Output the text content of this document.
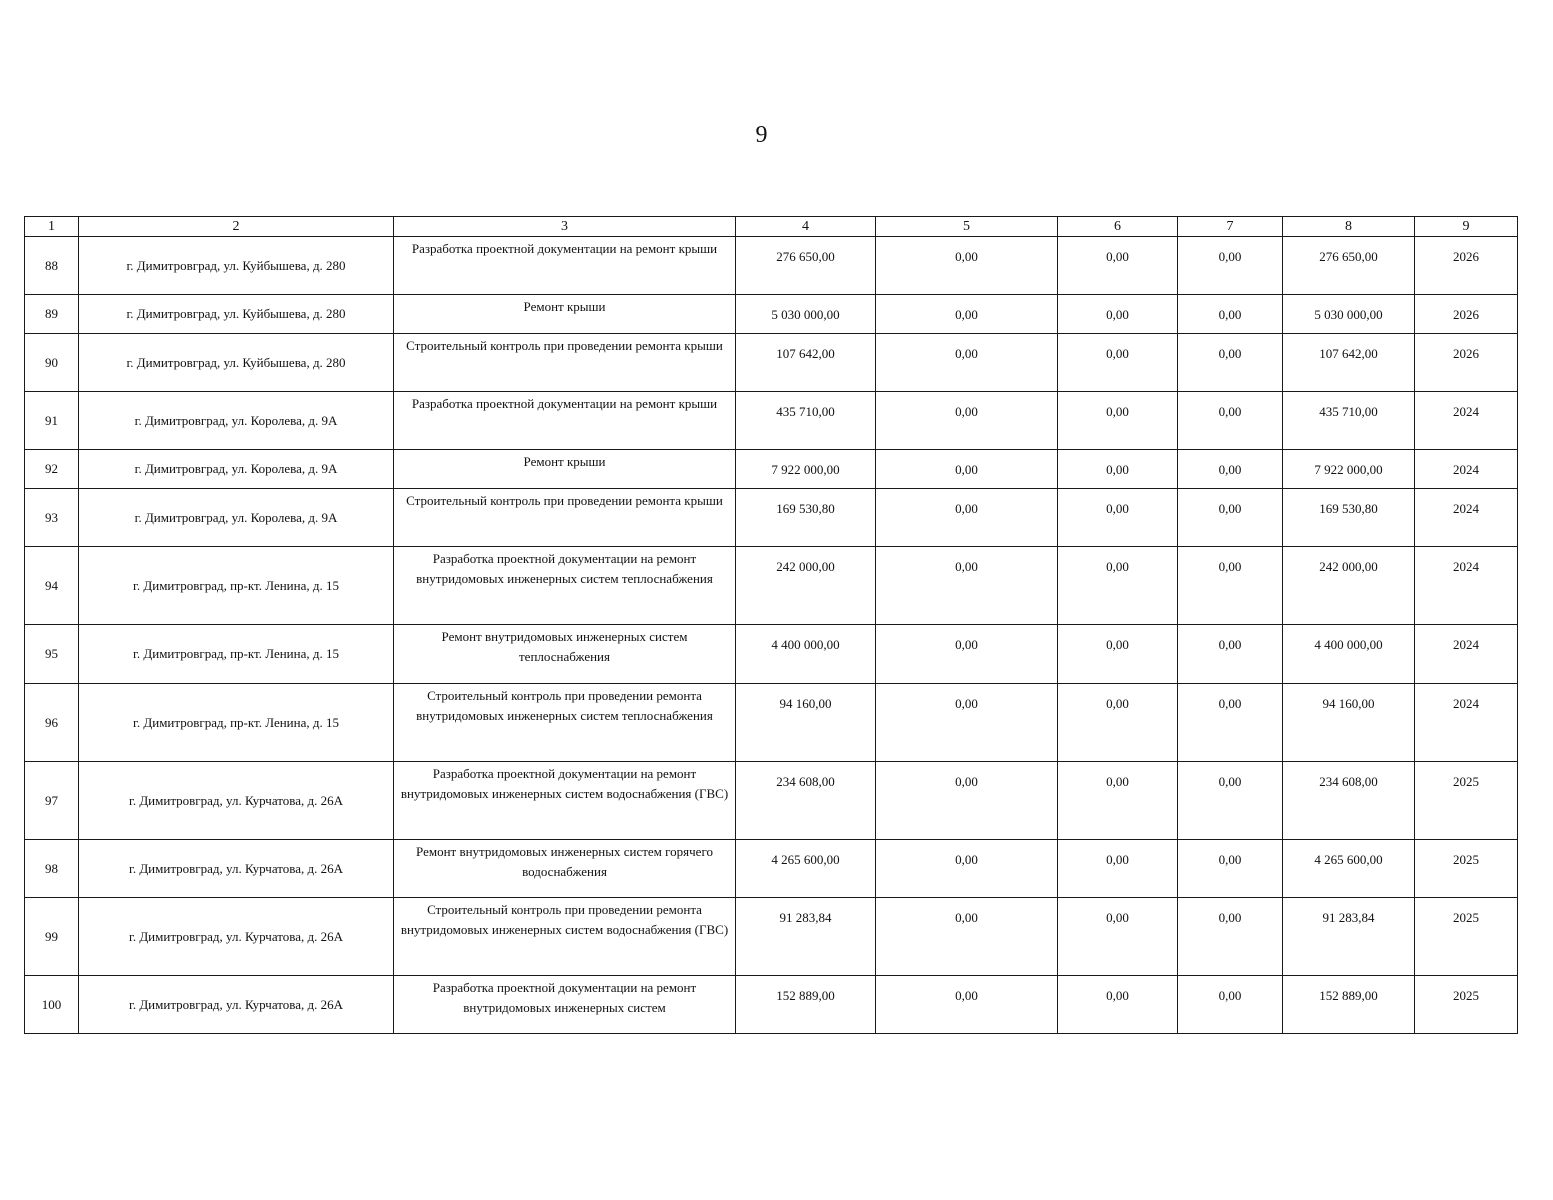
9
1	2	3	4	5	6	7	8	9
88	г. Димитровград, ул. Куйбышева, д. 280	Разработка проектной документации на ремонт крыши	276 650,00	0,00	0,00	0,00	276 650,00	2026
89	г. Димитровград, ул. Куйбышева, д. 280	Ремонт крыши	5 030 000,00	0,00	0,00	0,00	5 030 000,00	2026
90	г. Димитровград, ул. Куйбышева, д. 280	Строительный контроль при проведении ремонта крыши	107 642,00	0,00	0,00	0,00	107 642,00	2026
91	г. Димитровград, ул. Королева, д. 9А	Разработка проектной документации на ремонт крыши	435 710,00	0,00	0,00	0,00	435 710,00	2024
92	г. Димитровград, ул. Королева, д. 9А	Ремонт крыши	7 922 000,00	0,00	0,00	0,00	7 922 000,00	2024
93	г. Димитровград, ул. Королева, д. 9А	Строительный контроль при проведении ремонта крыши	169 530,80	0,00	0,00	0,00	169 530,80	2024
94	г. Димитровград, пр-кт. Ленина, д. 15	Разработка проектной документации на ремонт внутридомовых инженерных систем теплоснабжения	242 000,00	0,00	0,00	0,00	242 000,00	2024
95	г. Димитровград, пр-кт. Ленина, д. 15	Ремонт внутридомовых инженерных систем теплоснабжения	4 400 000,00	0,00	0,00	0,00	4 400 000,00	2024
96	г. Димитровград, пр-кт. Ленина, д. 15	Строительный контроль при проведении ремонта внутридомовых инженерных систем теплоснабжения	94 160,00	0,00	0,00	0,00	94 160,00	2024
97	г. Димитровград, ул. Курчатова, д. 26А	Разработка проектной документации на ремонт внутридомовых инженерных систем водоснабжения (ГВС)	234 608,00	0,00	0,00	0,00	234 608,00	2025
98	г. Димитровград, ул. Курчатова, д. 26А	Ремонт внутридомовых инженерных систем горячего водоснабжения	4 265 600,00	0,00	0,00	0,00	4 265 600,00	2025
99	г. Димитровград, ул. Курчатова, д. 26А	Строительный контроль при проведении ремонта внутридомовых инженерных систем водоснабжения (ГВС)	91 283,84	0,00	0,00	0,00	91 283,84	2025
100	г. Димитровград, ул. Курчатова, д. 26А	Разработка проектной документации на ремонт внутридомовых инженерных систем	152 889,00	0,00	0,00	0,00	152 889,00	2025
